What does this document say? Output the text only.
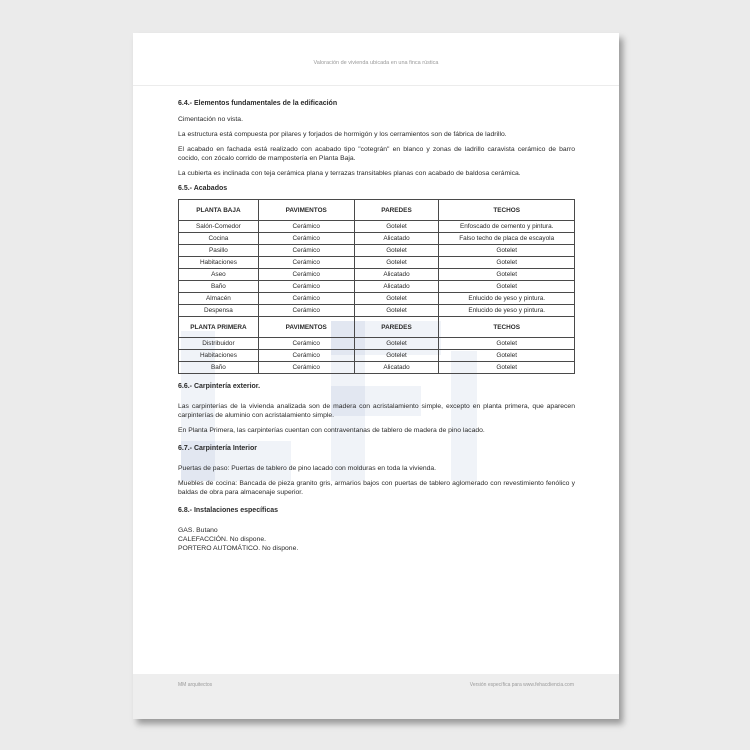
Valoración de vivienda ubicada en una finca rústica
6.4.- Elementos fundamentales de la edificación
Cimentación no vista.
La estructura está compuesta por pilares y forjados de hormigón y los cerramientos son de fábrica de ladrillo.
El acabado en fachada está realizado con acabado tipo "cotegrán" en blanco y zonas de ladrillo caravista cerámico de barro cocido, con zócalo corrido de mampostería en Planta Baja.
La cubierta es inclinada con teja cerámica plana y terrazas transitables planas con acabado de baldosa cerámica.
6.5.- Acabados
PLANTA BAJA	PAVIMENTOS	PAREDES	TECHOS
Salón-Comedor	Cerámico	Gotelet	Enfoscado de cemento y pintura.
Cocina	Cerámico	Alicatado	Falso techo de placa de escayola
Pasillo	Cerámico	Gotelet	Gotelet
Habitaciones	Cerámico	Gotelet	Gotelet
Aseo	Cerámico	Alicatado	Gotelet
Baño	Cerámico	Alicatado	Gotelet
Almacén	Cerámico	Gotelet	Enlucido de yeso y pintura.
Despensa	Cerámico	Gotelet	Enlucido de yeso y pintura.
PLANTA PRIMERA	PAVIMENTOS	PAREDES	TECHOS
Distribuidor	Cerámico	Gotelet	Gotelet
Habitaciones	Cerámico	Gotelet	Gotelet
Baño	Cerámico	Alicatado	Gotelet
6.6.- Carpintería exterior.
Las carpinterías de la vivienda analizada son de madera con acristalamiento simple, excepto en planta primera, que aparecen carpinterías de aluminio con acristalamiento simple.
En Planta Primera, las carpinterías cuentan con contraventanas de tablero de madera de pino lacado.
6.7.- Carpintería Interior
Puertas de paso: Puertas de tablero de pino lacado con molduras en toda la vivienda.
Muebles de cocina: Bancada de pieza granito gris, armarios bajos con puertas de tablero aglomerado con revestimiento fenólico y baldas de obra para almacenaje superior.
6.8.- Instalaciones específicas
GAS. Butano
CALEFACCIÓN. No dispone.
PORTERO AUTOMÁTICO. No dispone.
MM arquitectos	Versión específica para www.fehacdiencia.com
